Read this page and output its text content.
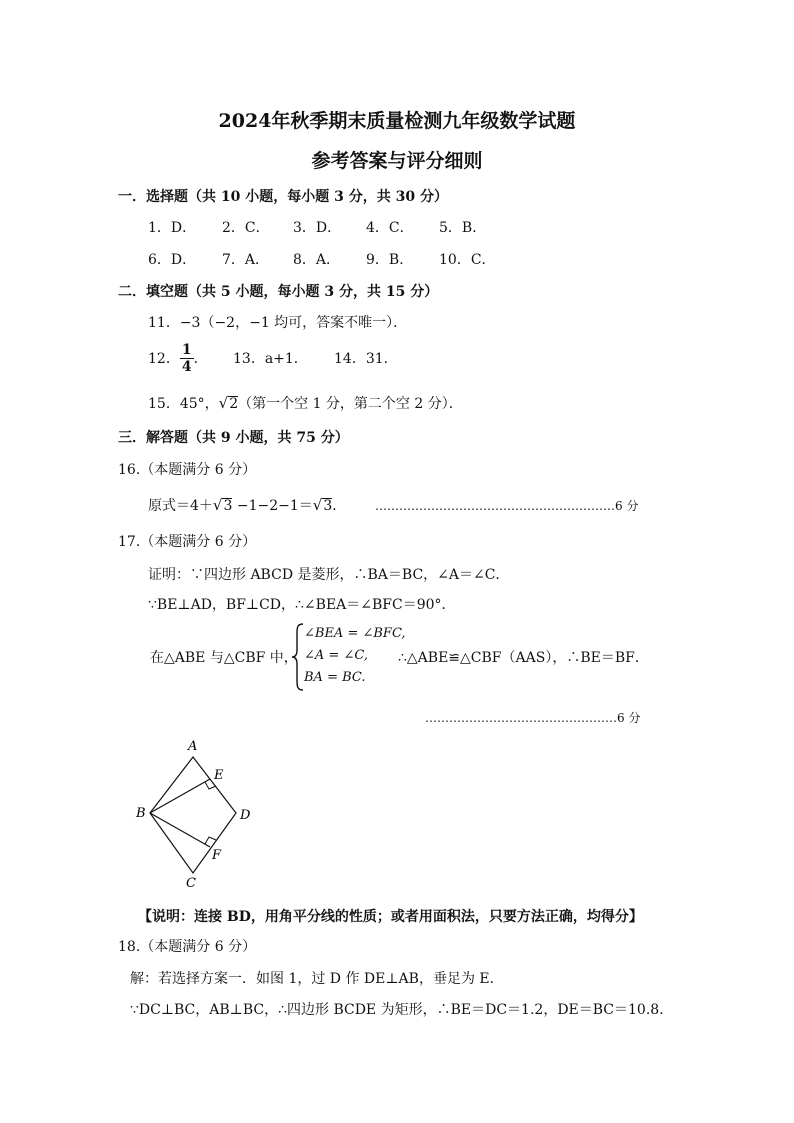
2024年秋季期末质量检测九年级数学试题
参考答案与评分细则
一．选择题（共 10 小题，每小题 3 分，共 30 分）
1．D． 2．C． 3．D． 4．C． 5．B．
6．D． 7．A． 8．A． 9．B． 10．C．
二．填空题（共 5 小题，每小题 3 分，共 15 分）
11．−3（−2，−1 均可，答案不唯一）．
12． $\frac{1}{4}$ ． 13．a+1． 14．31．
15．45°，√2（第一个空 1 分，第二个空 2 分）．
三．解答题（共 9 小题，共 75 分）
16.（本题满分 6 分）
原式＝4＋√3 −1−2−1＝√3． ……………………………………………………6 分
17.（本题满分 6 分）
证明：∵四边形 ABCD 是菱形，∴BA＝BC，∠A＝∠C．
∵BE⊥AD，BF⊥CD，∴∠BEA＝∠BFC＝90°．
在△ABE 与△CBF 中，
∠BEA = ∠BFC,
∠A = ∠C,
BA = BC.
∴△ABE≌△CBF（AAS），∴BE＝BF．
…………………………………………6 分
A
B
C
D
E
F
【说明：连接 BD，用角平分线的性质；或者用面积法，只要方法正确，均得分】
18.（本题满分 6 分）
解：若选择方案一．如图 1，过 D 作 DE⊥AB，垂足为 E．
∵DC⊥BC，AB⊥BC，∴四边形 BCDE 为矩形，∴BE＝DC＝1.2，DE＝BC＝10.8．
